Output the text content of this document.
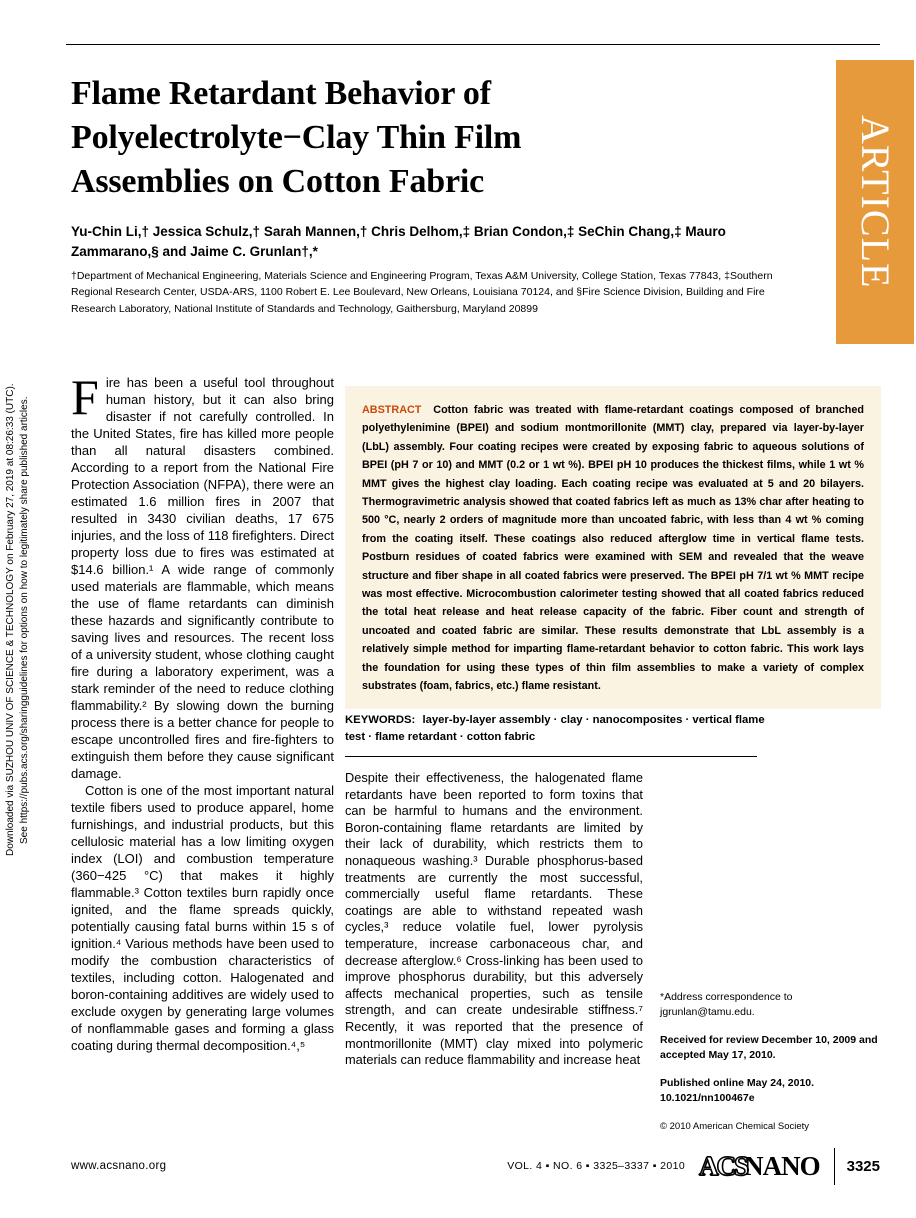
ARTICLE
Flame Retardant Behavior of Polyelectrolyte−Clay Thin Film Assemblies on Cotton Fabric

Yu-Chin Li,† Jessica Schulz,† Sarah Mannen,† Chris Delhom,‡ Brian Condon,‡ SeChin Chang,‡ Mauro Zammarano,§ and Jaime C. Grunlan†,*

†Department of Mechanical Engineering, Materials Science and Engineering Program, Texas A&M University, College Station, Texas 77843, ‡Southern Regional Research Center, USDA-ARS, 1100 Robert E. Lee Boulevard, New Orleans, Louisiana 70124, and §Fire Science Division, Building and Fire Research Laboratory, National Institute of Standards and Technology, Gaithersburg, Maryland 20899

Downloaded via SUZHOU UNIV OF SCIENCE & TECHNOLOGY on February 27, 2019 at 08:26:33 (UTC). See https://pubs.acs.org/sharingguidelines for options on how to legitimately share published articles. F ire has been a useful tool throughout human history, but it can also bring disaster if not carefully controlled. In the United States, fire has killed more people than all natural disasters combined. According to a report from the National Fire Protection Association (NFPA), there were an estimated 1.6 million fires in 2007 that resulted in 3430 civilian deaths, 17 675 injuries, and the loss of 118 firefighters. Direct property loss due to fires was estimated at $14.6 billion.¹ A wide range of commonly used materials are flammable, which means the use of flame retardants can diminish these hazards and significantly contribute to saving lives and resources. The recent loss of a university student, whose clothing caught fire during a laboratory experiment, was a stark reminder of the need to reduce clothing flammability.² By slowing down the burning process there is a better chance for people to escape uncontrolled fires and fire-fighters to extinguish them before they cause significant damage.

Cotton is one of the most important natural textile fibers used to produce apparel, home furnishings, and industrial products, but this cellulosic material has a low limiting oxygen index (LOI) and combustion temperature (360−425 °C) that makes it highly flammable.³ Cotton textiles burn rapidly once ignited, and the flame spreads quickly, potentially causing fatal burns within 15 s of ignition.⁴ Various methods have been used to modify the combustion characteristics of textiles, including cotton. Halogenated and boron-containing additives are widely used to exclude oxygen by generating large volumes of nonflammable gases and forming a glass coating during thermal decomposition.⁴,⁵

ABSTRACT Cotton fabric was treated with flame-retardant coatings composed of branched polyethylenimine (BPEI) and sodium montmorillonite (MMT) clay, prepared via layer-by-layer (LbL) assembly. Four coating recipes were created by exposing fabric to aqueous solutions of BPEI (pH 7 or 10) and MMT (0.2 or 1 wt %). BPEI pH 10 produces the thickest films, while 1 wt % MMT gives the highest clay loading. Each coating recipe was evaluated at 5 and 20 bilayers. Thermogravimetric analysis showed that coated fabrics left as much as 13% char after heating to 500 °C, nearly 2 orders of magnitude more than uncoated fabric, with less than 4 wt % coming from the coating itself. These coatings also reduced afterglow time in vertical flame tests. Postburn residues of coated fabrics were examined with SEM and revealed that the weave structure and fiber shape in all coated fabrics were preserved. The BPEI pH 7/1 wt % MMT recipe was most effective. Microcombustion calorimeter testing showed that all coated fabrics reduced the total heat release and heat release capacity of the fabric. Fiber count and strength of uncoated and coated fabric are similar. These results demonstrate that LbL assembly is a relatively simple method for imparting flame-retardant behavior to cotton fabric. This work lays the foundation for using these types of thin film assemblies to make a variety of complex substrates (foam, fabrics, etc.) flame resistant.
KEYWORDS: layer-by-layer assembly · clay · nanocomposites · vertical flame test · flame retardant · cotton fabric

Despite their effectiveness, the halogenated flame retardants have been reported to form toxins that can be harmful to humans and the environment. Boron-containing flame retardants are limited by their lack of durability, which restricts them to nonaqueous washing.³ Durable phosphorus-based treatments are currently the most successful, commercially useful flame retardants. These coatings are able to withstand repeated wash cycles,³ reduce volatile fuel, lower pyrolysis temperature, increase carbonaceous char, and decrease afterglow.⁶ Cross-linking has been used to improve phosphorus durability, but this adversely affects mechanical properties, such as tensile strength, and can create undesirable stiffness.⁷ Recently, it was reported that the presence of montmorillonite (MMT) clay mixed into polymeric materials can reduce flammability and increase heat

*Address correspondence to jgrunlan@tamu.edu.

Received for review December 10, 2009 and accepted May 17, 2010.

Published online May 24, 2010. 10.1021/nn100467e

© 2010 American Chemical Society

www.acsnano.org	VOL. 4 ▪ NO. 6 ▪ 3325–3337 ▪ 2010 ACS
NANO	3325
